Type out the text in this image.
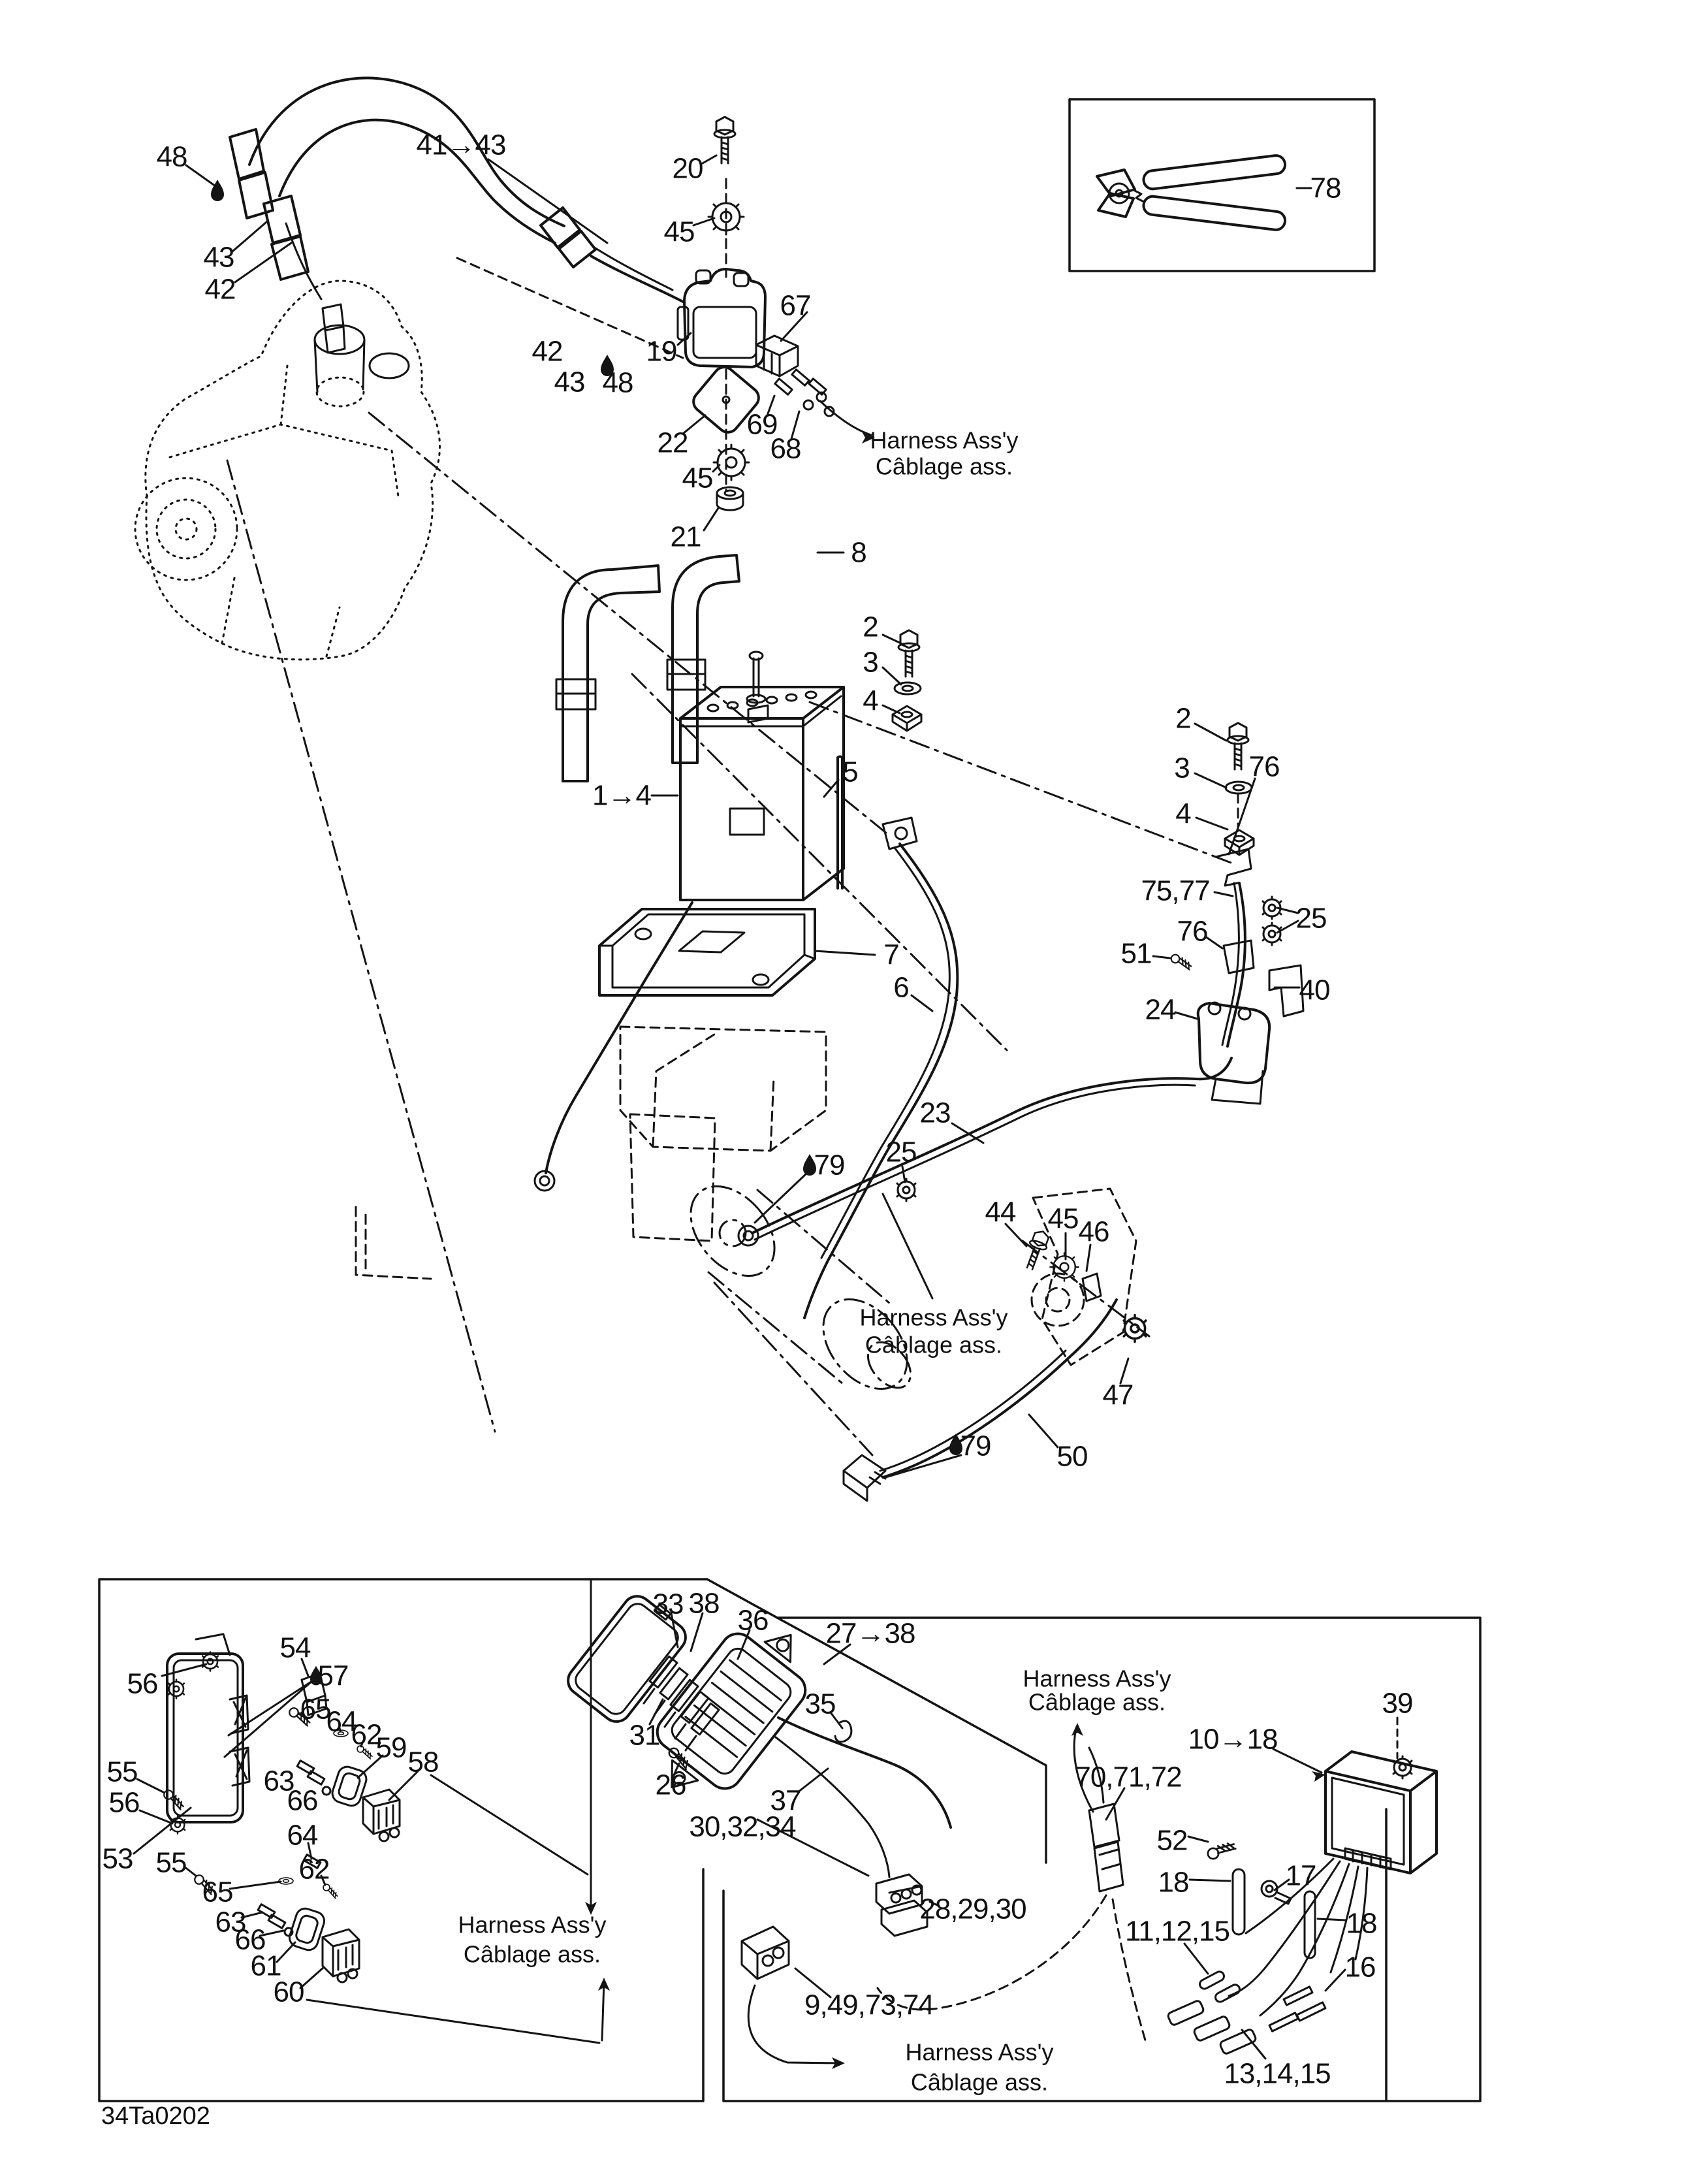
48
43
42
41→43
42
43 48
20
45
19
67
22
69
68
45
21	8
2
3
4
1→4
5
2
3
4
76
75,77
25
76
51
40
24
7
6
23
25
79
44 45 46
47
50
79
78
56
54
57
65
64
62
59 58
55	63
66
56
53 55
64
62
65
63
66
61
60
33 38
36
31
26
30,32,34
37
35
27→38
28,29,30
9,49,73,74
70,71,72
39
10→18
52
17
18
18
16
11,12,15
13,14,15
Harness Ass'y
Câblage ass.
Harness Ass'y
Câblage ass.
Harness Ass'y
Câblage ass.
Harness Ass'y
Câblage ass.
Harness Ass'y
Câblage ass.
34Ta0202
